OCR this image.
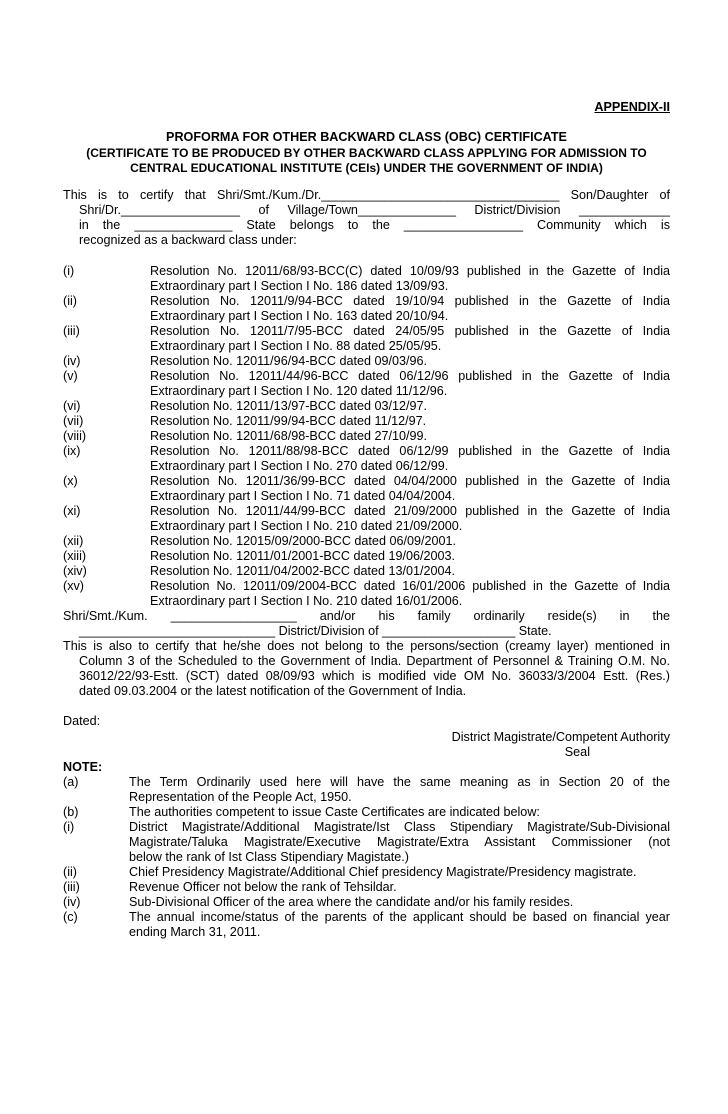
APPENDIX-II
PROFORMA FOR OTHER BACKWARD CLASS (OBC) CERTIFICATE
(CERTIFICATE TO BE PRODUCED BY OTHER BACKWARD CLASS APPLYING FOR ADMISSION TO
CENTRAL EDUCATIONAL INSTITUTE (CEIs) UNDER THE GOVERNMENT OF INDIA)
This is to certify that Shri/Smt./Kum./Dr.__________________________________ Son/Daughter of
Shri/Dr._________________ of Village/Town______________ District/Division _____________
in the ______________ State belongs to the _________________ Community which is
recognized as a backward class under:
(i)	Resolution No. 12011/68/93-BCC(C) dated 10/09/93 published in the Gazette of India
Extraordinary part I Section I No. 186 dated 13/09/93.
(ii)	Resolution No. 12011/9/94-BCC dated 19/10/94 published in the Gazette of India
Extraordinary part I Section I No. 163 dated 20/10/94.
(iii)	Resolution No. 12011/7/95-BCC dated 24/05/95 published in the Gazette of India
Extraordinary part I Section I No. 88 dated 25/05/95.
(iv)	Resolution No. 12011/96/94-BCC dated 09/03/96.
(v)	Resolution No. 12011/44/96-BCC dated 06/12/96 published in the Gazette of India
Extraordinary part I Section I No. 120 dated 11/12/96.
(vi)	Resolution No. 12011/13/97-BCC dated 03/12/97.
(vii)	Resolution No. 12011/99/94-BCC dated 11/12/97.
(viii)	Resolution No. 12011/68/98-BCC dated 27/10/99.
(ix)	Resolution No. 12011/88/98-BCC dated 06/12/99 published in the Gazette of India
Extraordinary part I Section I No. 270 dated 06/12/99.
(x)	Resolution No. 12011/36/99-BCC dated 04/04/2000 published in the Gazette of India
Extraordinary part I Section I No. 71 dated 04/04/2004.
(xi)	Resolution No. 12011/44/99-BCC dated 21/09/2000 published in the Gazette of India
Extraordinary part I Section I No. 210 dated 21/09/2000.
(xii)	Resolution No. 12015/09/2000-BCC dated 06/09/2001.
(xiii)	Resolution No. 12011/01/2001-BCC dated 19/06/2003.
(xiv)	Resolution No. 12011/04/2002-BCC dated 13/01/2004.
(xv)	Resolution No. 12011/09/2004-BCC dated 16/01/2006 published in the Gazette of India
Extraordinary part I Section I No. 210 dated 16/01/2006.
Shri/Smt./Kum. __________________ and/or his family ordinarily reside(s) in the
____________________________ District/Division of ___________________ State.
This is also to certify that he/she does not belong to the persons/section (creamy layer) mentioned in
Column 3 of the Scheduled to the Government of India. Department of Personnel & Training O.M. No.
36012/22/93-Estt. (SCT) dated 08/09/93 which is modified vide OM No. 36033/3/2004 Estt. (Res.)
dated 09.03.2004 or the latest notification of the Government of India.
Dated:
District Magistrate/Competent Authority
Seal
NOTE:
(a)	The Term Ordinarily used here will have the same meaning as in Section 20 of the
Representation of the People Act, 1950.
(b)	The authorities competent to issue Caste Certificates are indicated below:
(i)	District Magistrate/Additional Magistrate/Ist Class Stipendiary Magistrate/Sub-Divisional
Magistrate/Taluka Magistrate/Executive Magistrate/Extra Assistant Commissioner (not
below the rank of Ist Class Stipendiary Magistate.)
(ii)	Chief Presidency Magistrate/Additional Chief presidency Magistrate/Presidency magistrate.
(iii)	Revenue Officer not below the rank of Tehsildar.
(iv)	Sub-Divisional Officer of the area where the candidate and/or his family resides.
(c)	The annual income/status of the parents of the applicant should be based on financial year
ending March 31, 2011.
